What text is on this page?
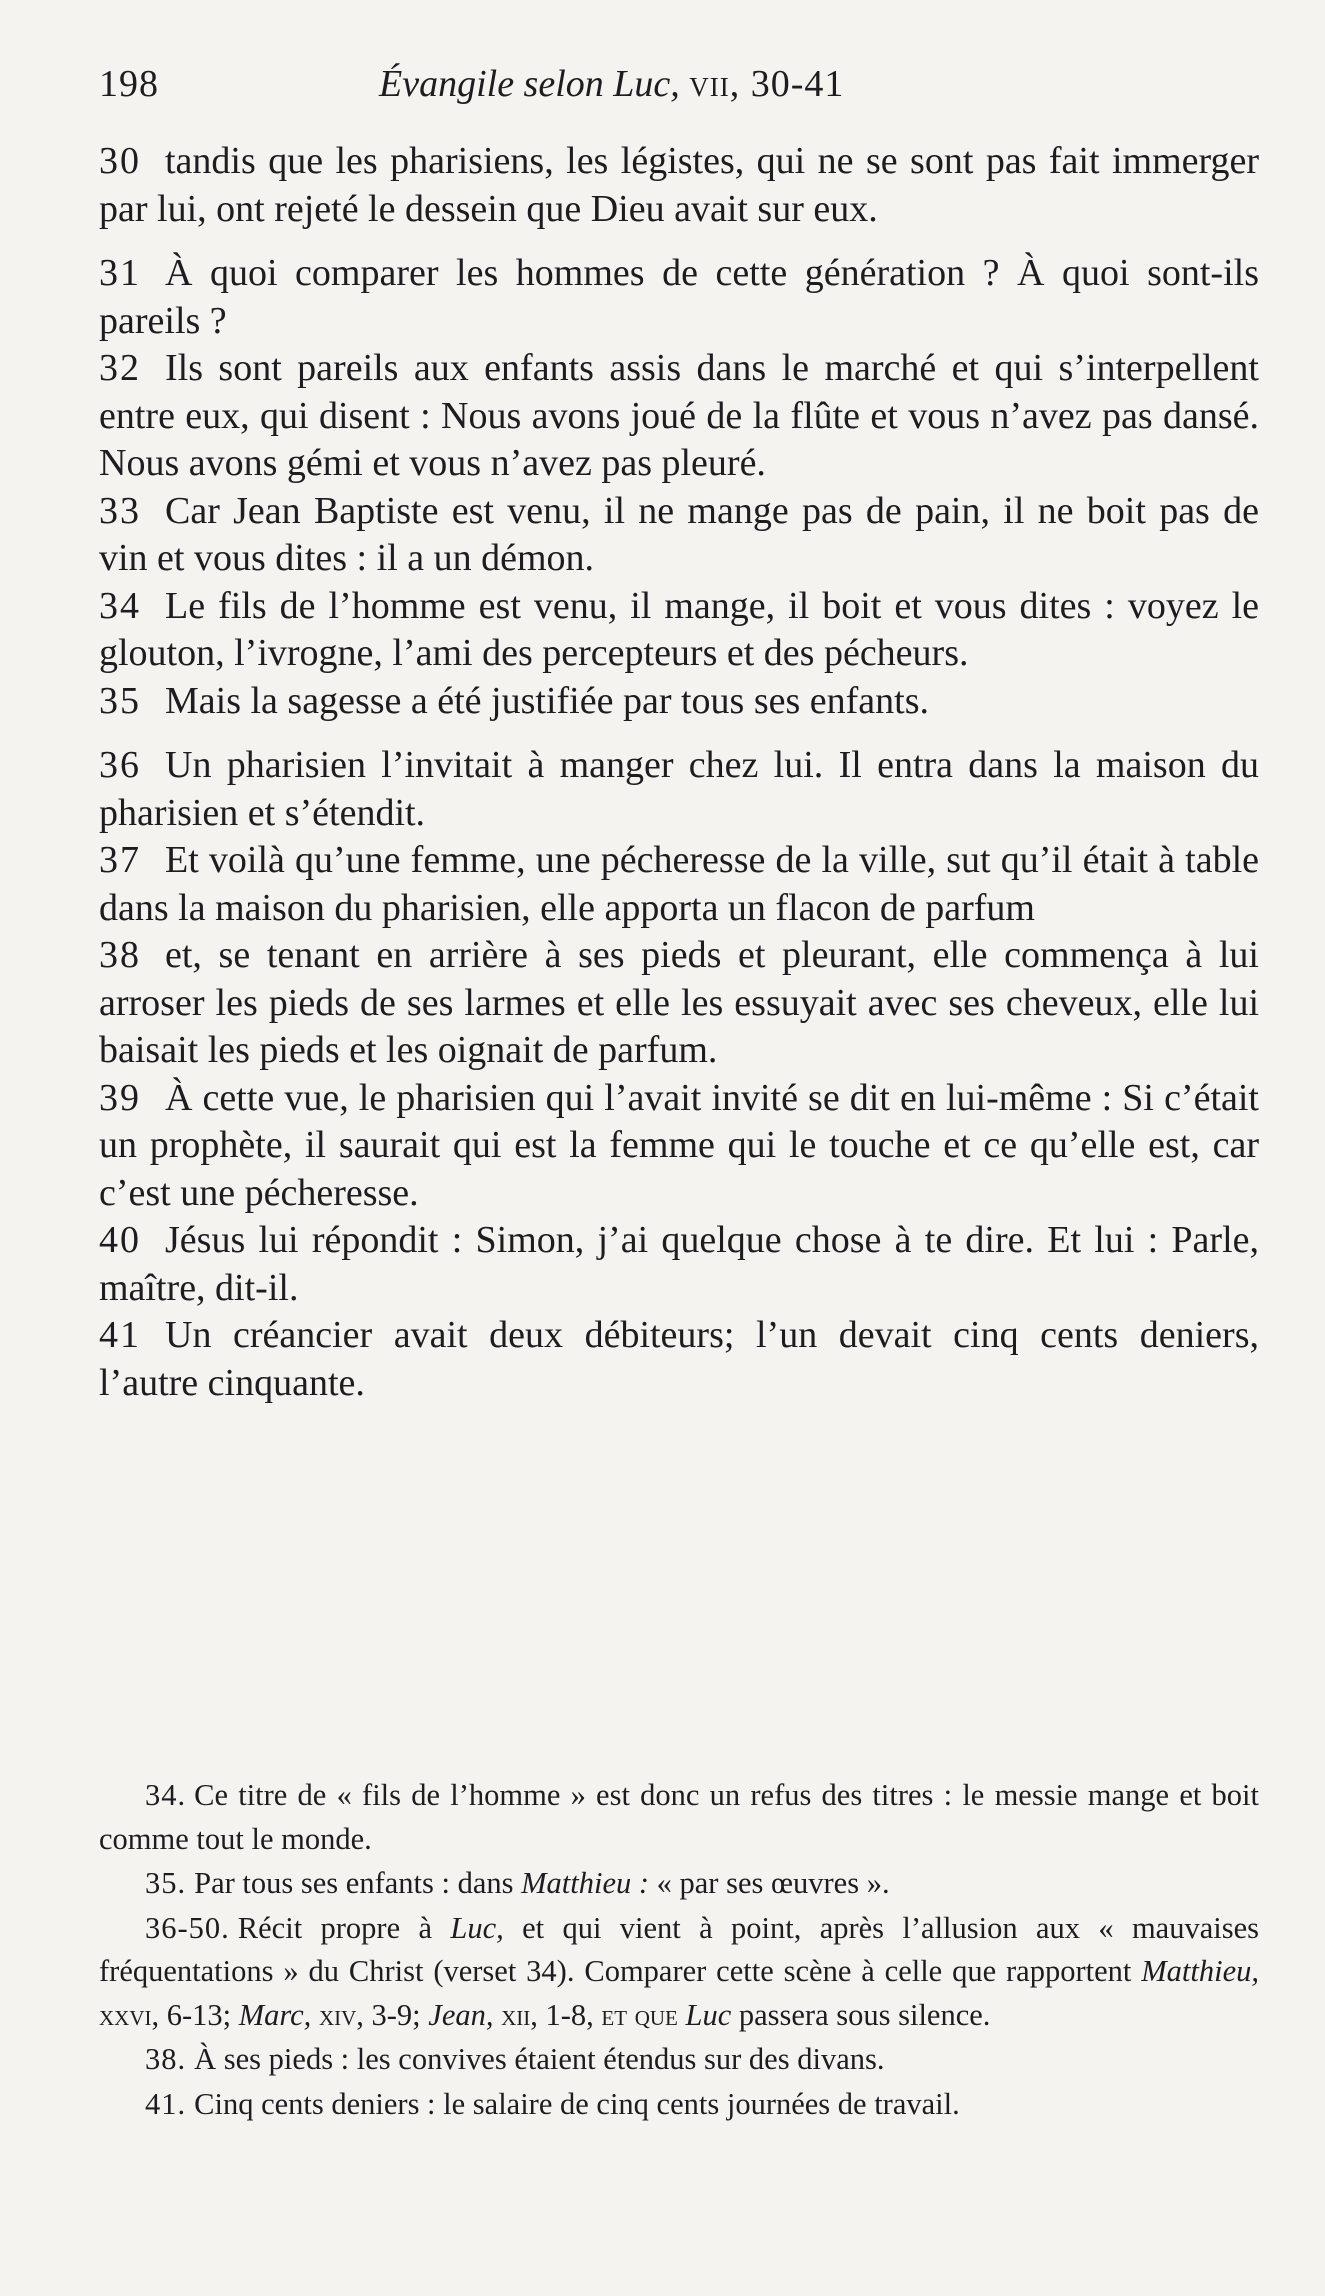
198	Évangile selon Luc, vii, 30-41

30 tandis que les pharisiens, les légistes, qui ne se sont pas fait immerger par lui, ont rejeté le dessein que Dieu avait sur eux.

31 À quoi comparer les hommes de cette génération ? À quoi sont-ils pareils ?

32 Ils sont pareils aux enfants assis dans le marché et qui s’interpellent entre eux, qui disent : Nous avons joué de la flûte et vous n’avez pas dansé. Nous avons gémi et vous n’avez pas pleuré.

33 Car Jean Baptiste est venu, il ne mange pas de pain, il ne boit pas de vin et vous dites : il a un démon.

34 Le fils de l’homme est venu, il mange, il boit et vous dites : voyez le glouton, l’ivrogne, l’ami des percepteurs et des pécheurs.

35 Mais la sagesse a été justifiée par tous ses enfants.

36 Un pharisien l’invitait à manger chez lui. Il entra dans la maison du pharisien et s’étendit.

37 Et voilà qu’une femme, une pécheresse de la ville, sut qu’il était à table dans la maison du pharisien, elle apporta un flacon de parfum

38 et, se tenant en arrière à ses pieds et pleurant, elle commença à lui arroser les pieds de ses larmes et elle les essuyait avec ses cheveux, elle lui baisait les pieds et les oignait de parfum.

39 À cette vue, le pharisien qui l’avait invité se dit en lui-même : Si c’était un prophète, il saurait qui est la femme qui le touche et ce qu’elle est, car c’est une pécheresse.

40 Jésus lui répondit : Simon, j’ai quelque chose à te dire. Et lui : Parle, maître, dit-il.

41 Un créancier avait deux débiteurs; l’un devait cinq cents deniers, l’autre cinquante.

34. Ce titre de « fils de l’homme » est donc un refus des titres : le messie mange et boit comme tout le monde.

35. Par tous ses enfants : dans Matthieu : « par ses œuvres ».

36-50. Récit propre à Luc, et qui vient à point, après l’allusion aux « mauvaises fréquentations » du Christ (verset 34). Comparer cette scène à celle que rapportent Matthieu, xxvi, 6-13; Marc, xiv, 3-9; Jean, xii, 1-8, et que Luc passera sous silence.

38. À ses pieds : les convives étaient étendus sur des divans.

41. Cinq cents deniers : le salaire de cinq cents journées de travail.
